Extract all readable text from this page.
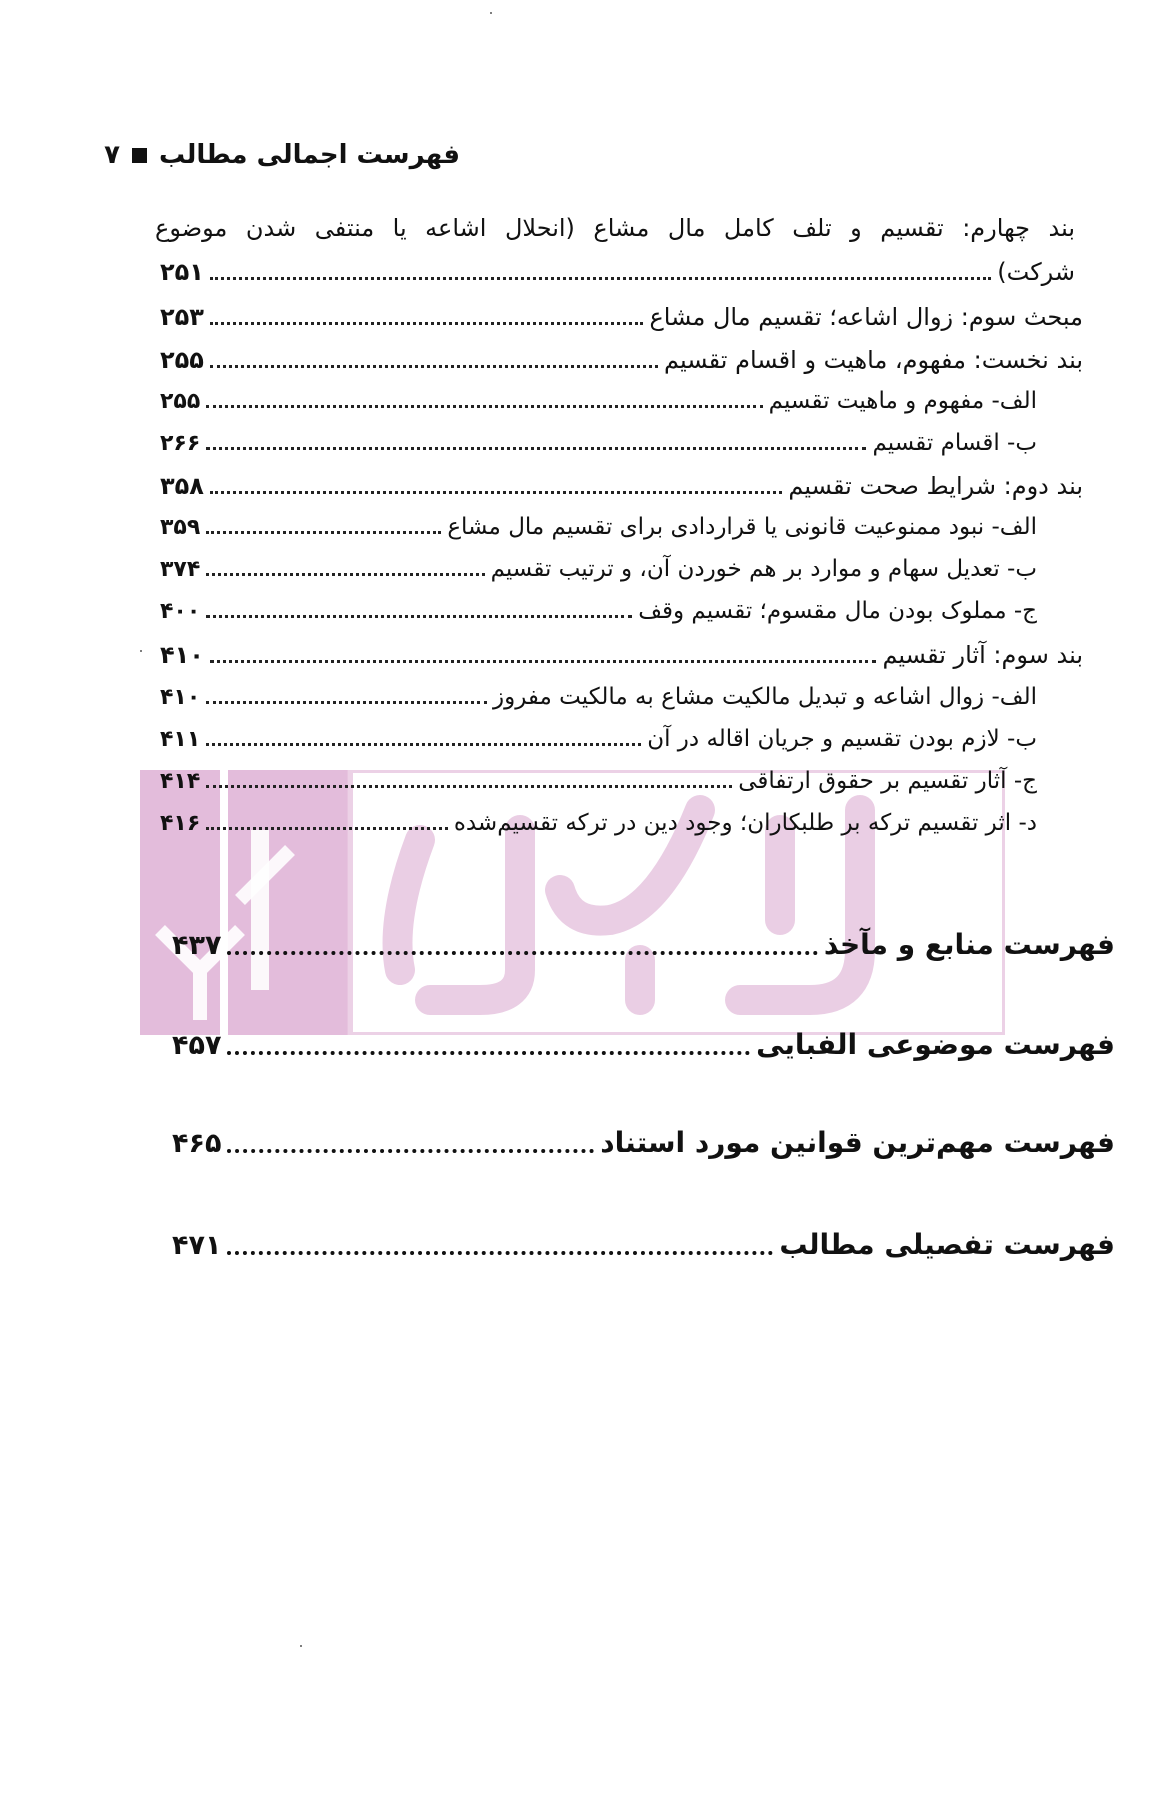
فهرست اجمالی مطالب
۷
بند چهارم: تقسیم و تلف کامل مال مشاع (انحلال اشاعه یا منتفی شدن موضوع
شرکت)
۲۵۱
مبحث سوم: زوال اشاعه؛ تقسیم مال مشاع
۲۵۳
بند نخست: مفهوم، ماهیت و اقسام تقسیم
۲۵۵
الف- مفهوم و ماهیت تقسیم
۲۵۵
ب- اقسام تقسیم
۲۶۶
بند دوم: شرایط صحت تقسیم
۳۵۸
الف- نبود ممنوعیت قانونی یا قراردادی برای تقسیم مال مشاع
۳۵۹
ب- تعدیل سهام و موارد بر هم خوردن آن، و ترتیب تقسیم
۳۷۴
ج- مملوک بودن مال مقسوم؛ تقسیم وقف
۴۰۰
بند سوم: آثار تقسیم
۴۱۰
الف- زوال اشاعه و تبدیل مالکیت مشاع به مالکیت مفروز
۴۱۰
ب- لازم بودن تقسیم و جریان اقاله در آن
۴۱۱
ج- آثار تقسیم بر حقوق ارتفاقی
۴۱۴
د- اثر تقسیم ترکه بر طلبکاران؛ وجود دین در ترکه تقسیم‌شده
۴۱۶
فهرست منابع و مآخذ
۴۳۷
فهرست موضوعی الفبایی
۴۵۷
فهرست مهم‌ترین قوانین مورد استناد
۴۶۵
فهرست تفصیلی مطالب
۴۷۱
